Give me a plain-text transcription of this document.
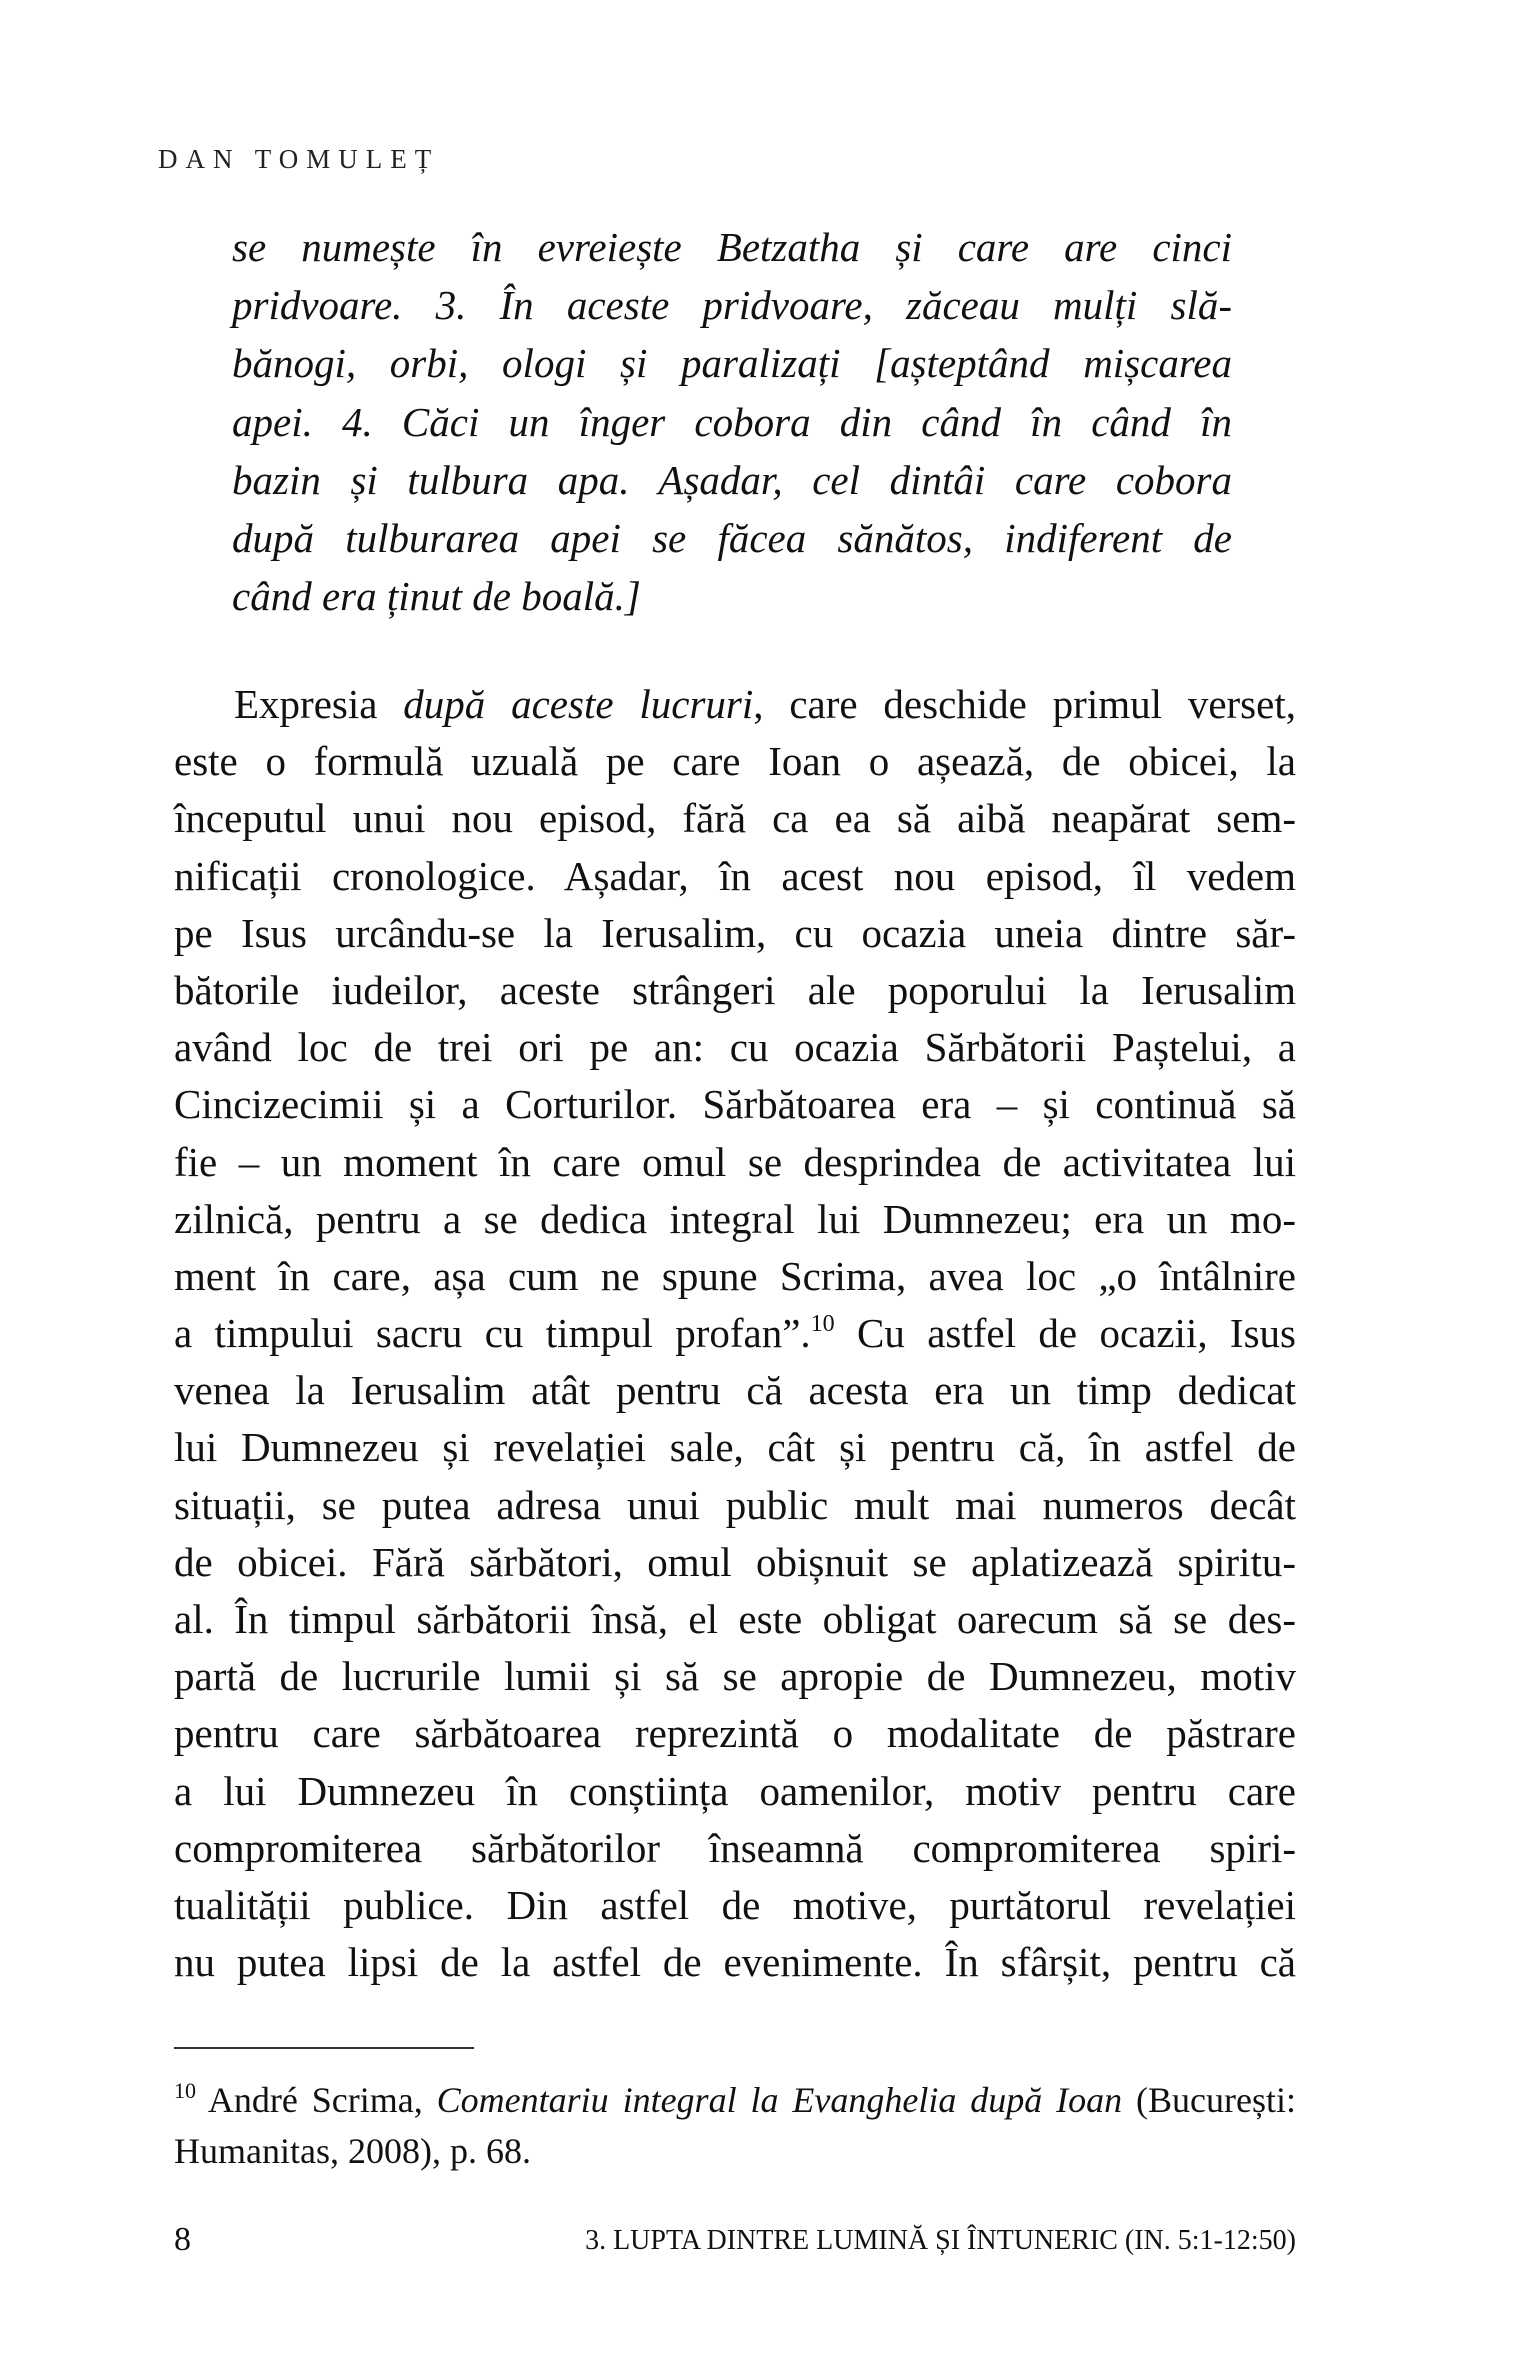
DAN TOMULEȚ
se numește în evreiește Betzatha și care are cinci
pridvoare. 3. În aceste pridvoare, zăceau mulți slă-
bănogi, orbi, ologi și paralizați [așteptând mișcarea
apei. 4. Căci un înger cobora din când în când în
bazin și tulbura apa. Așadar, cel dintâi care cobora
după tulburarea apei se făcea sănătos, indiferent de
când era ținut de boală.]
Expresia după aceste lucruri, care deschide primul verset,
este o formulă uzuală pe care Ioan o așează, de obicei, la
începutul unui nou episod, fără ca ea să aibă neapărat sem-
nificații cronologice. Așadar, în acest nou episod, îl vedem
pe Isus urcându-se la Ierusalim, cu ocazia uneia dintre săr-
bătorile iudeilor, aceste strângeri ale poporului la Ierusalim
având loc de trei ori pe an: cu ocazia Sărbătorii Paștelui, a
Cincizecimii și a Corturilor. Sărbătoarea era – și continuă să
fie – un moment în care omul se desprindea de activitatea lui
zilnică, pentru a se dedica integral lui Dumnezeu; era un mo-
ment în care, așa cum ne spune Scrima, avea loc „o întâlnire
a timpului sacru cu timpul profan”.$^{10}$ Cu astfel de ocazii, Isus
venea la Ierusalim atât pentru că acesta era un timp dedicat
lui Dumnezeu și revelației sale, cât și pentru că, în astfel de
situații, se putea adresa unui public mult mai numeros decât
de obicei. Fără sărbători, omul obișnuit se aplatizează spiritu-
al. În timpul sărbătorii însă, el este obligat oarecum să se des-
partă de lucrurile lumii și să se apropie de Dumnezeu, motiv
pentru care sărbătoarea reprezintă o modalitate de păstrare
a lui Dumnezeu în conștiința oamenilor, motiv pentru care
compromiterea sărbătorilor înseamnă compromiterea spiri-
tualității publice. Din astfel de motive, purtătorul revelației
nu putea lipsi de la astfel de evenimente. În sfârșit, pentru că
$^{10}$ André Scrima, Comentariu integral la Evanghelia după Ioan (București:
Humanitas, 2008), p. 68.
8	3. LUPTA DINTRE LUMINĂ ȘI ÎNTUNERIC (IN. 5:1-12:50)
